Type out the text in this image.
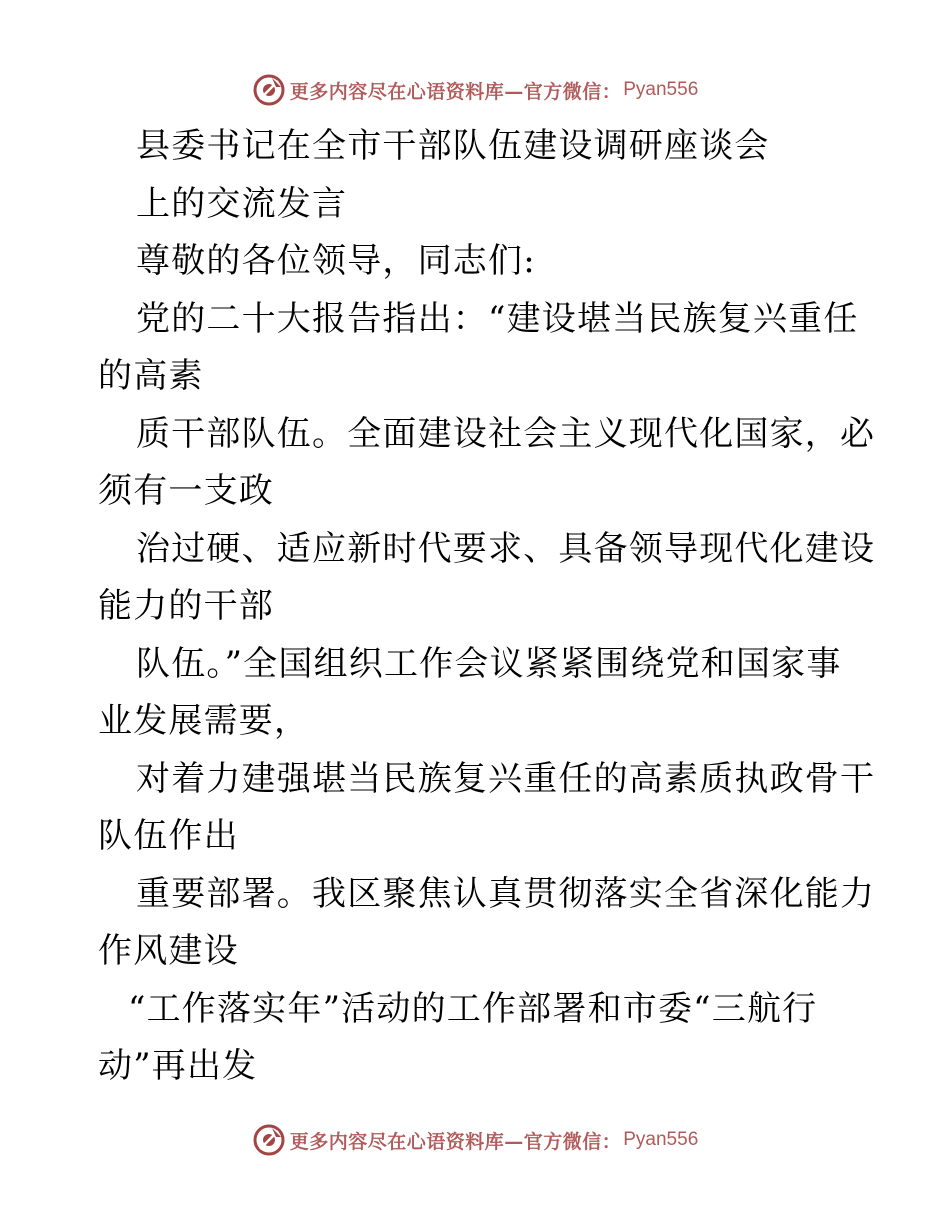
更多内容尽在心语资料库—官方微信： Pyan556
县委书记在全市干部队伍建设调研座谈会
上的交流发言
尊敬的各位领导，同志们:
党的二十大报告指出：“建设堪当民族复兴重任
的高素
质干部队伍。全面建设社会主义现代化国家，必
须有一支政
治过硬、适应新时代要求、具备领导现代化建设
能力的干部
队伍。”全国组织工作会议紧紧围绕党和国家事
业发展需要，
对着力建强堪当民族复兴重任的高素质执政骨干
队伍作出
重要部署。我区聚焦认真贯彻落实全省深化能力
作风建设
“工作落实年”活动的工作部署和市委“三航行
动”再出发
更多内容尽在心语资料库—官方微信： Pyan556
